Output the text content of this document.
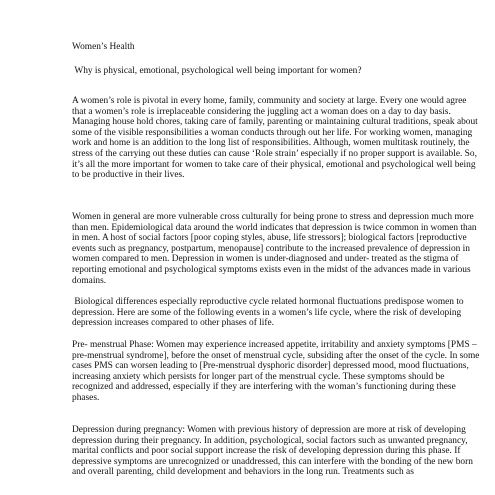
Women’s Health

Why is physical, emotional, psychological well being important for women?

A women’s role is pivotal in every home, family, community and society at large. Every one would agree that a women’s role is irreplaceable considering the juggling act a woman does on a day to day basis. Managing house hold chores, taking care of family, parenting or maintaining cultural traditions, speak about some of the visible responsibilities a woman conducts through out her life. For working women, managing work and home is an addition to the long list of responsibilities. Although, women multitask routinely, the stress of the carrying out these duties can cause ‘Role strain’ especially if no proper support is available. So, it’s all the more important for women to take care of their physical, emotional and psychological well being to be productive in their lives.

Women in general are more vulnerable cross culturally for being prone to stress and depression much more than men. Epidemiological data around the world indicates that depression is twice common in women than in men. A host of social factors [poor coping styles, abuse, life stressors]; biological factors [reproductive events such as pregnancy, postpartum, menopause] contribute to the increased prevalence of depression in women compared to men. Depression in women is under-diagnosed and under- treated as the stigma of reporting emotional and psychological symptoms exists even in the midst of the advances made in various domains.

Biological differences especially reproductive cycle related hormonal fluctuations predispose women to depression. Here are some of the following events in a women’s life cycle, where the risk of developing depression increases compared to other phases of life.

Pre- menstrual Phase: Women may experience increased appetite, irritability and anxiety symptoms [PMS – pre-menstrual syndrome], before the onset of menstrual cycle, subsiding after the onset of the cycle. In some cases PMS can worsen leading to [Pre-menstrual dysphoric disorder] depressed mood, mood fluctuations, increasing anxiety which persists for longer part of the menstrual cycle. These symptoms should be recognized and addressed, especially if they are interfering with the woman’s functioning during these phases.

Depression during pregnancy: Women with previous history of depression are more at risk of developing depression during their pregnancy. In addition, psychological, social factors such as unwanted pregnancy, marital conflicts and poor social support increase the risk of developing depression during this phase. If depressive symptoms are unrecognized or unaddressed, this can interfere with the bonding of the new born and overall parenting, child development and behaviors in the long run. Treatments such as
